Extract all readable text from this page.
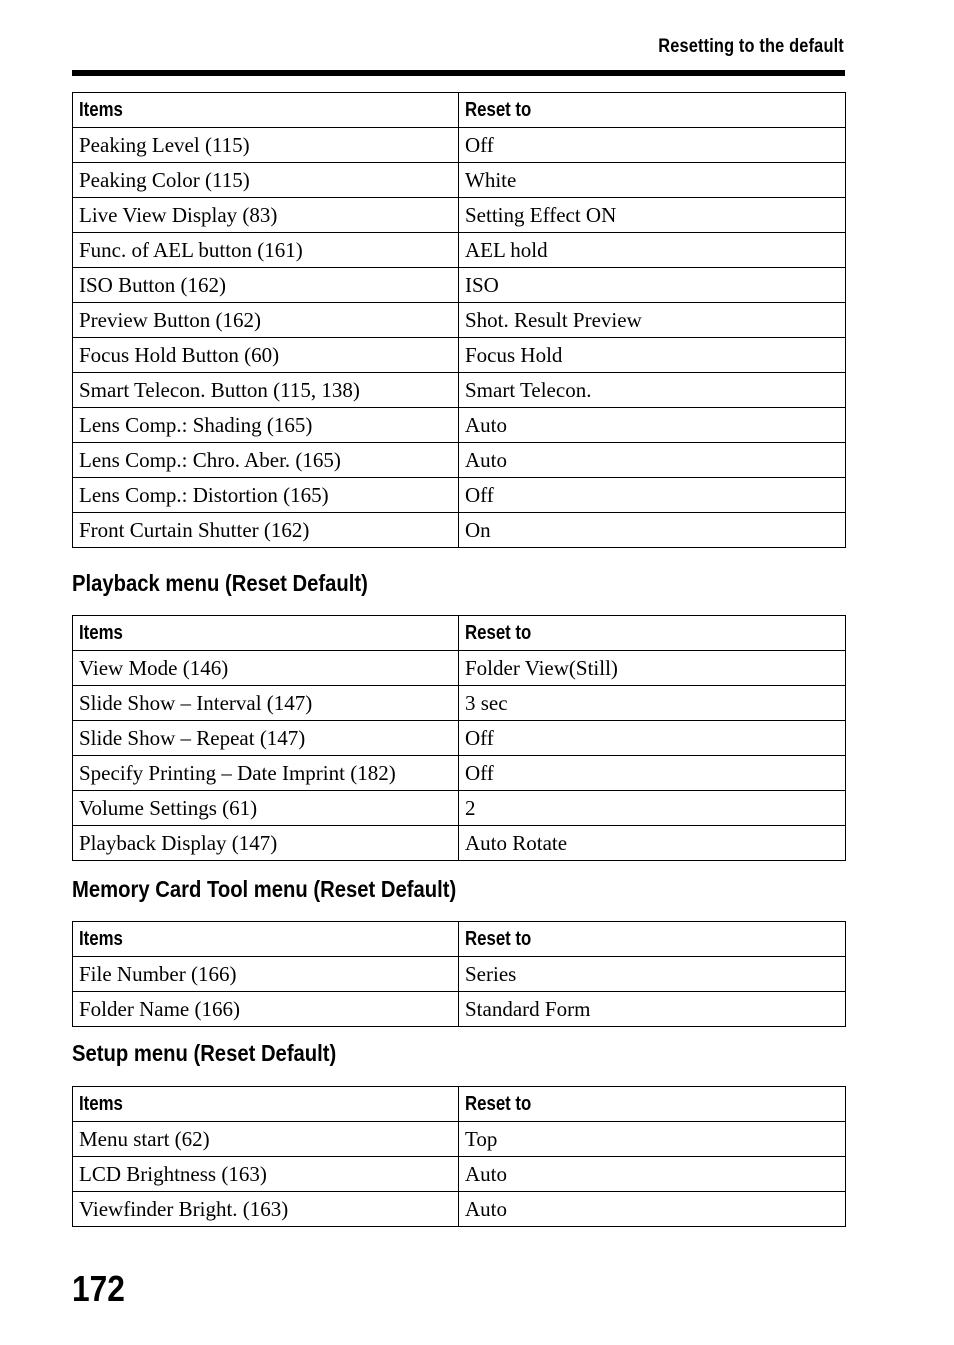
Resetting to the default
Items	Reset to
Peaking Level (115)	Off
Peaking Color (115)	White
Live View Display (83)	Setting Effect ON
Func. of AEL button (161)	AEL hold
ISO Button (162)	ISO
Preview Button (162)	Shot. Result Preview
Focus Hold Button (60)	Focus Hold
Smart Telecon. Button (115, 138)	Smart Telecon.
Lens Comp.: Shading (165)	Auto
Lens Comp.: Chro. Aber. (165)	Auto
Lens Comp.: Distortion (165)	Off
Front Curtain Shutter (162)	On
Playback menu (Reset Default)
Items	Reset to
View Mode (146)	Folder View(Still)
Slide Show – Interval (147)	3 sec
Slide Show – Repeat (147)	Off
Specify Printing – Date Imprint (182)	Off
Volume Settings (61)	2
Playback Display (147)	Auto Rotate
Memory Card Tool menu (Reset Default)
Items	Reset to
File Number (166)	Series
Folder Name (166)	Standard Form
Setup menu (Reset Default)
Items	Reset to
Menu start (62)	Top
LCD Brightness (163)	Auto
Viewfinder Bright. (163)	Auto
172
